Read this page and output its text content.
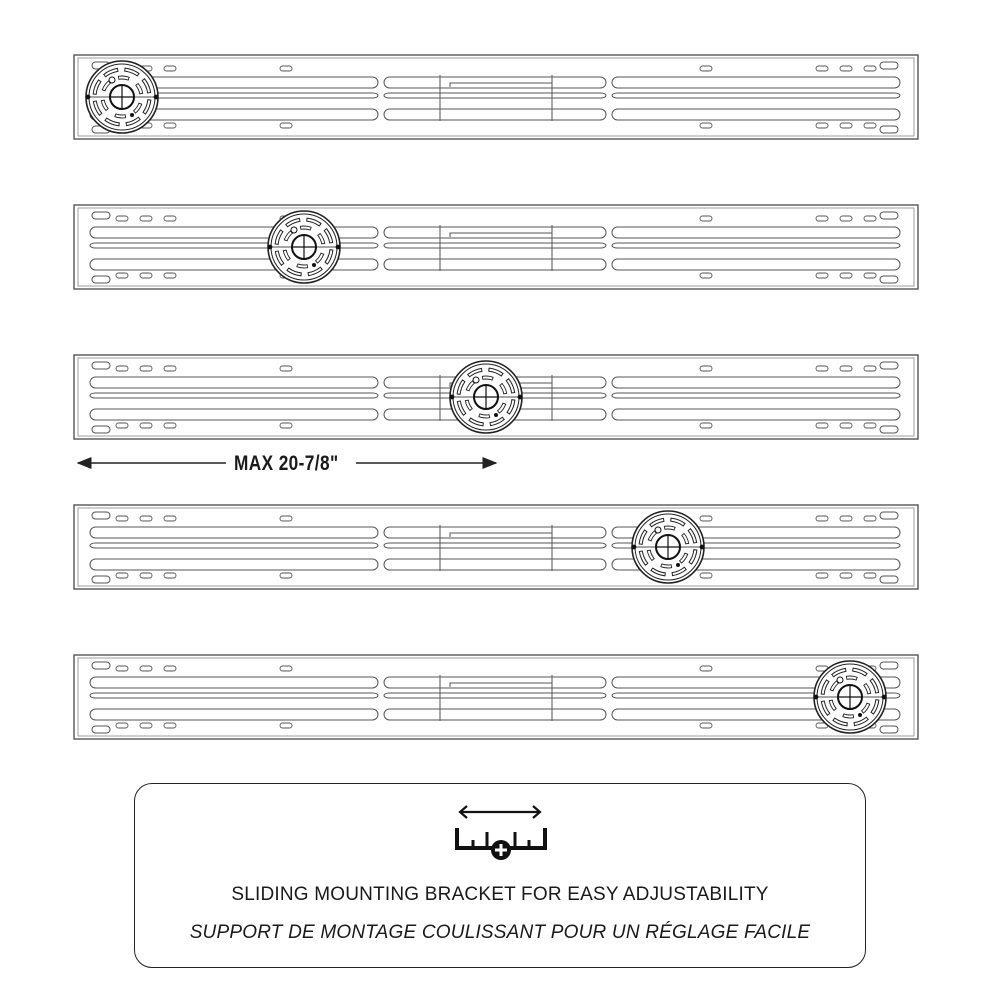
MAX 20-7/8"
SLIDING MOUNTING BRACKET FOR EASY ADJUSTABILITY
SUPPORT DE MONTAGE COULISSANT POUR UN RÉGLAGE FACILE
